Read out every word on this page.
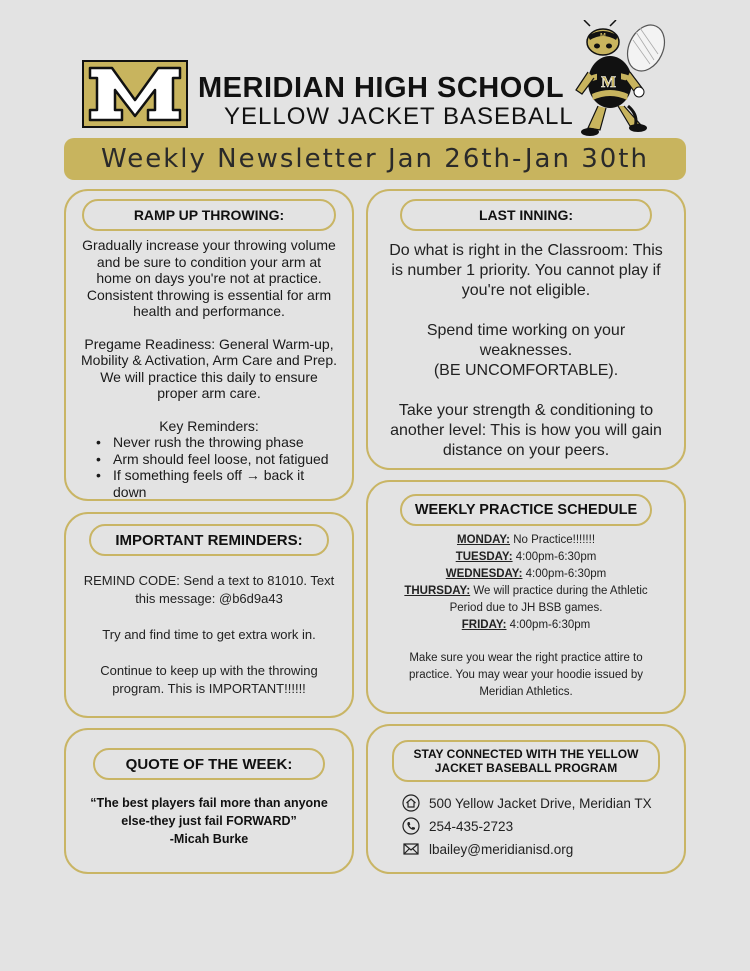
MERIDIAN HIGH SCHOOL
YELLOW JACKET BASEBALL
M
M
Weekly Newsletter Jan 26th-Jan 30th
RAMP UP THROWING:

Gradually increase your throwing volume and be sure to condition your arm at home on days you're not at practice. Consistent throwing is essential for arm health and performance.

Pregame Readiness: General Warm-up, Mobility & Activation, Arm Care and Prep. We will practice this daily to ensure proper arm care.

Key Reminders:

• Never rush the throwing phase
• Arm should feel loose, not fatigued
• If something feels off → back it down
IMPORTANT REMINDERS:

REMIND CODE: Send a text to 81010. Text this message: @b6d9a43

Try and find time to get extra work in.

Continue to keep up with the throwing program. This is IMPORTANT!!!!!!

QUOTE OF THE WEEK:

“The best players fail more than anyone else-they just fail FORWARD”

-Micah Burke

LAST INNING:

Do what is right in the Classroom: This is number 1 priority. You cannot play if you're not eligible.

Spend time working on your weaknesses.

(BE UNCOMFORTABLE).

Take your strength & conditioning to another level: This is how you will gain distance on your peers.

WEEKLY PRACTICE SCHEDULE
MONDAY: No Practice!!!!!!!
TUESDAY: 4:00pm-6:30pm
WEDNESDAY: 4:00pm-6:30pm
THURSDAY: We will practice during the Athletic Period due to JH BSB games.
FRIDAY: 4:00pm-6:30pm

Make sure you wear the right practice attire to practice. You may wear your hoodie issued by Meridian Athletics.

STAY CONNECTED WITH THE YELLOW JACKET BASEBALL PROGRAM
500 Yellow Jacket Drive, Meridian TX
254-435-2723
lbailey@meridianisd.org
